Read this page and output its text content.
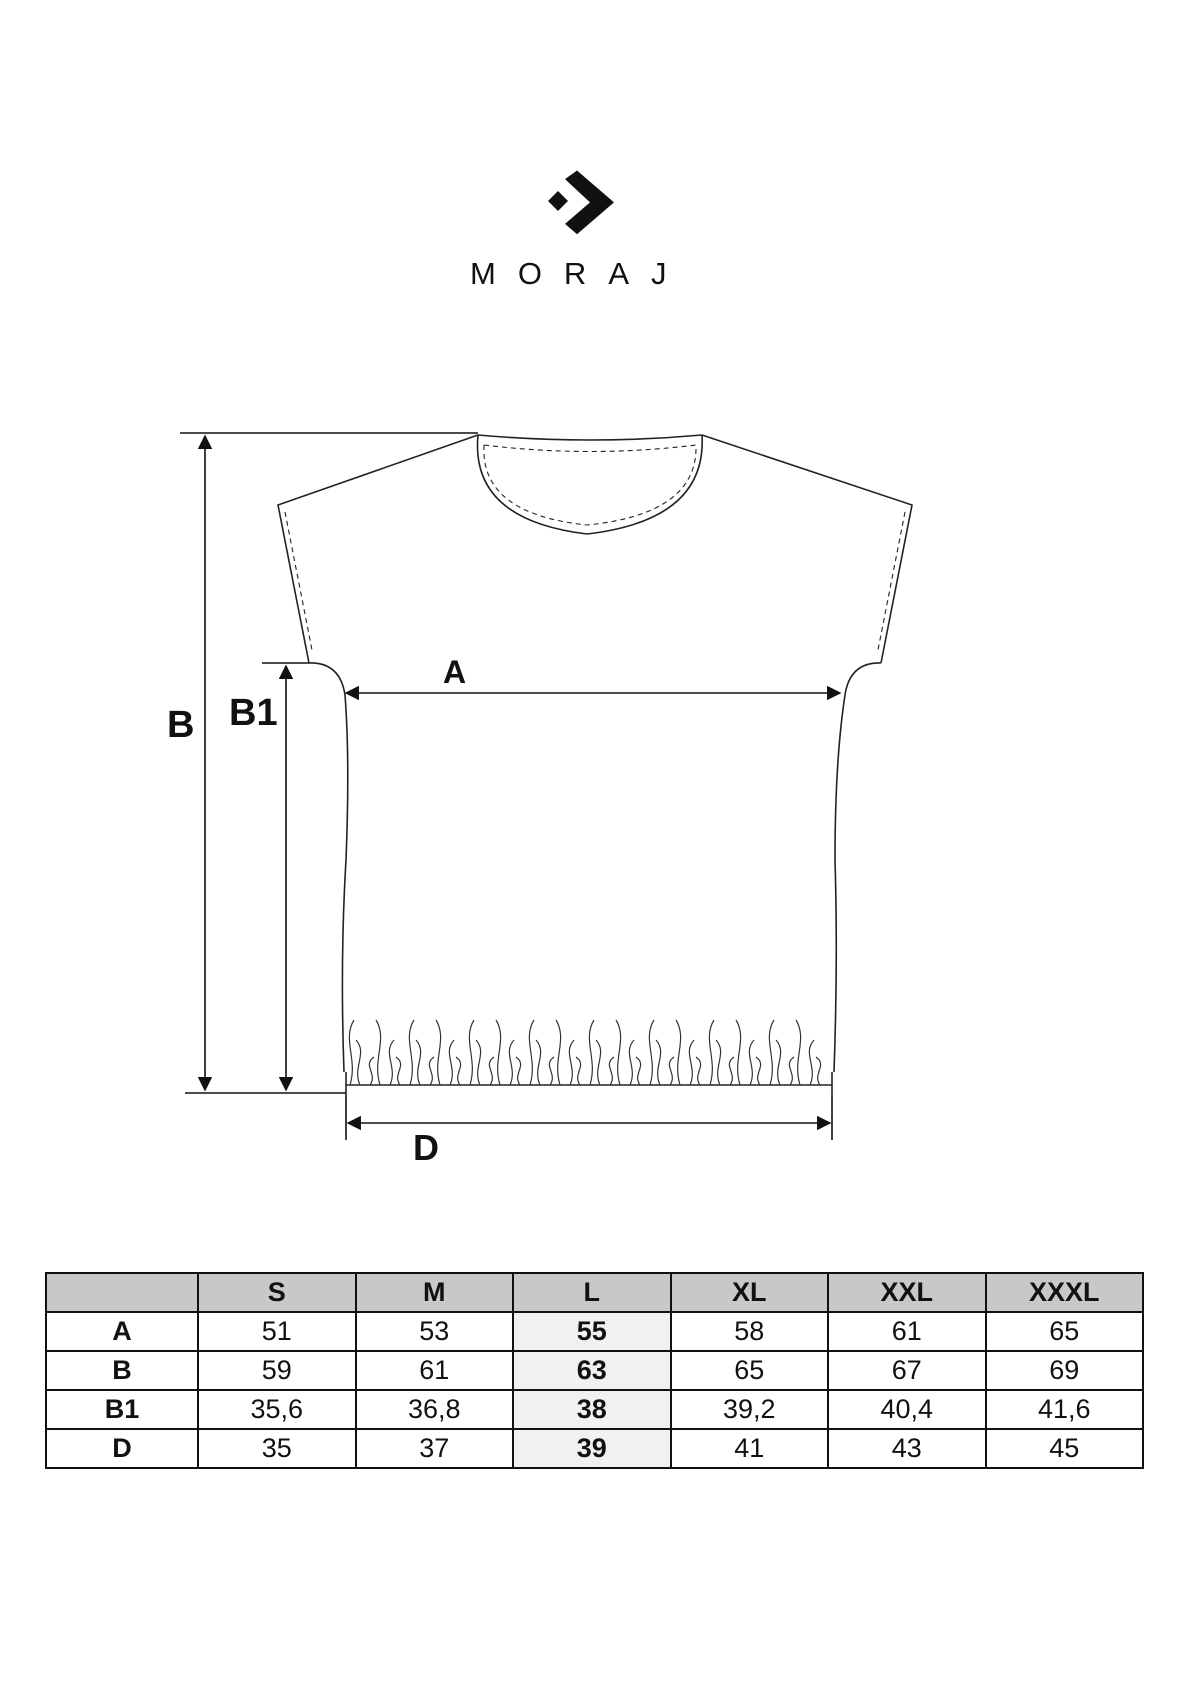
MORAJ
A
B B1
D
	S	M	L	XL	XXL	XXXL
A	51	53	55	58	61	65
B	59	61	63	65	67	69
B1	35,6	36,8	38	39,2	40,4	41,6
D	35	37	39	41	43	45
